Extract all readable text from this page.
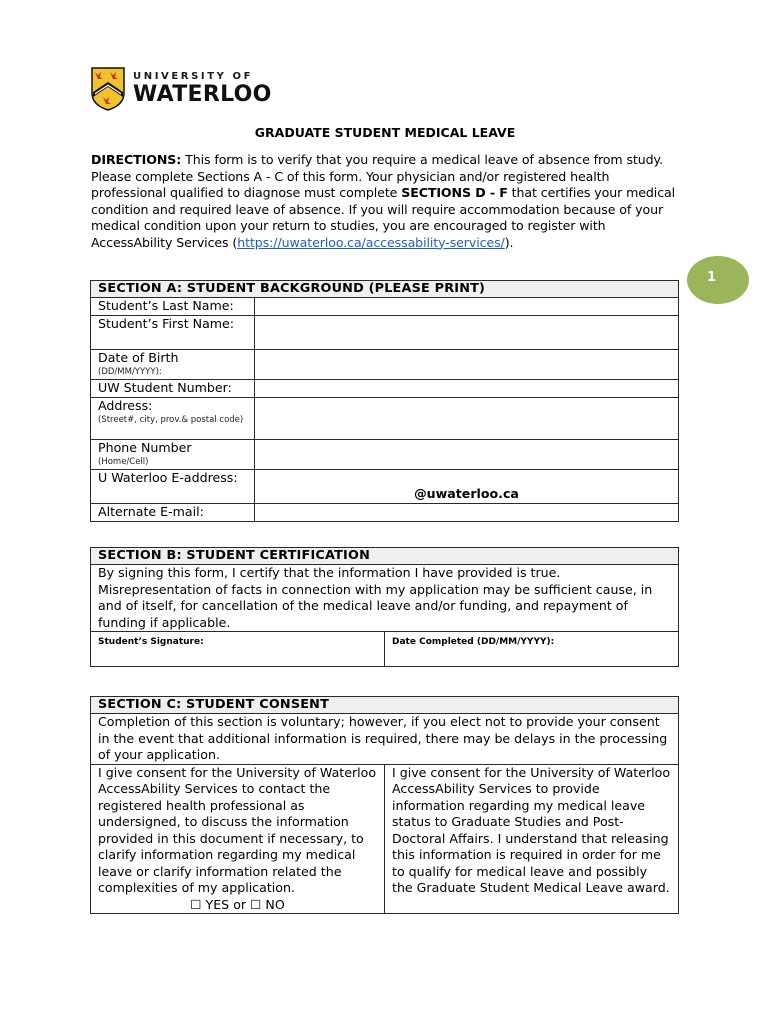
UNIVERSITY OF
WATERLOO
GRADUATE STUDENT MEDICAL LEAVE
DIRECTIONS: This form is to verify that you require a medical leave of absence from study. Please complete Sections A - C of this form. Your physician and/or registered health professional qualified to diagnose must complete SECTIONS D - F that certifies your medical condition and required leave of absence. If you will require accommodation because of your medical condition upon your return to studies, you are encouraged to register with AccessAbility Services (https://uwaterloo.ca/accessability-services/).
1
SECTION A: STUDENT BACKGROUND (PLEASE PRINT)	
Student’s Last Name:	
Student’s First Name:	
Date of Birth
(DD/MM/YYYY):	

UW Student Number:	
Address:
(Street#, city, prov.& postal code)	

Phone Number
(Home/Cell)	

U Waterloo E-address:	@uwaterloo.ca
Alternate E-mail:	
SECTION B: STUDENT CERTIFICATION
By signing this form, I certify that the information I have provided is true. Misrepresentation of facts in connection with my application may be sufficient cause, in and of itself, for cancellation of the medical leave and/or funding, and repayment of funding if applicable.
Student’s Signature:	Date Completed (DD/MM/YYYY):
SECTION C: STUDENT CONSENT
Completion of this section is voluntary; however, if you elect not to provide your consent in the event that additional information is required, there may be delays in the processing of your application.

I give consent for the University of Waterloo AccessAbility Services to contact the registered health professional as undersigned, to discuss the information provided in this document if necessary, to clarify information regarding my medical leave or clarify information related the complexities of my application.
☐ YES or ☐ NO

I give consent for the University of Waterloo AccessAbility Services to provide information regarding my medical leave status to Graduate Studies and Post-Doctoral Affairs. I understand that releasing this information is required in order for me to qualify for medical leave and possibly the Graduate Student Medical Leave award.
